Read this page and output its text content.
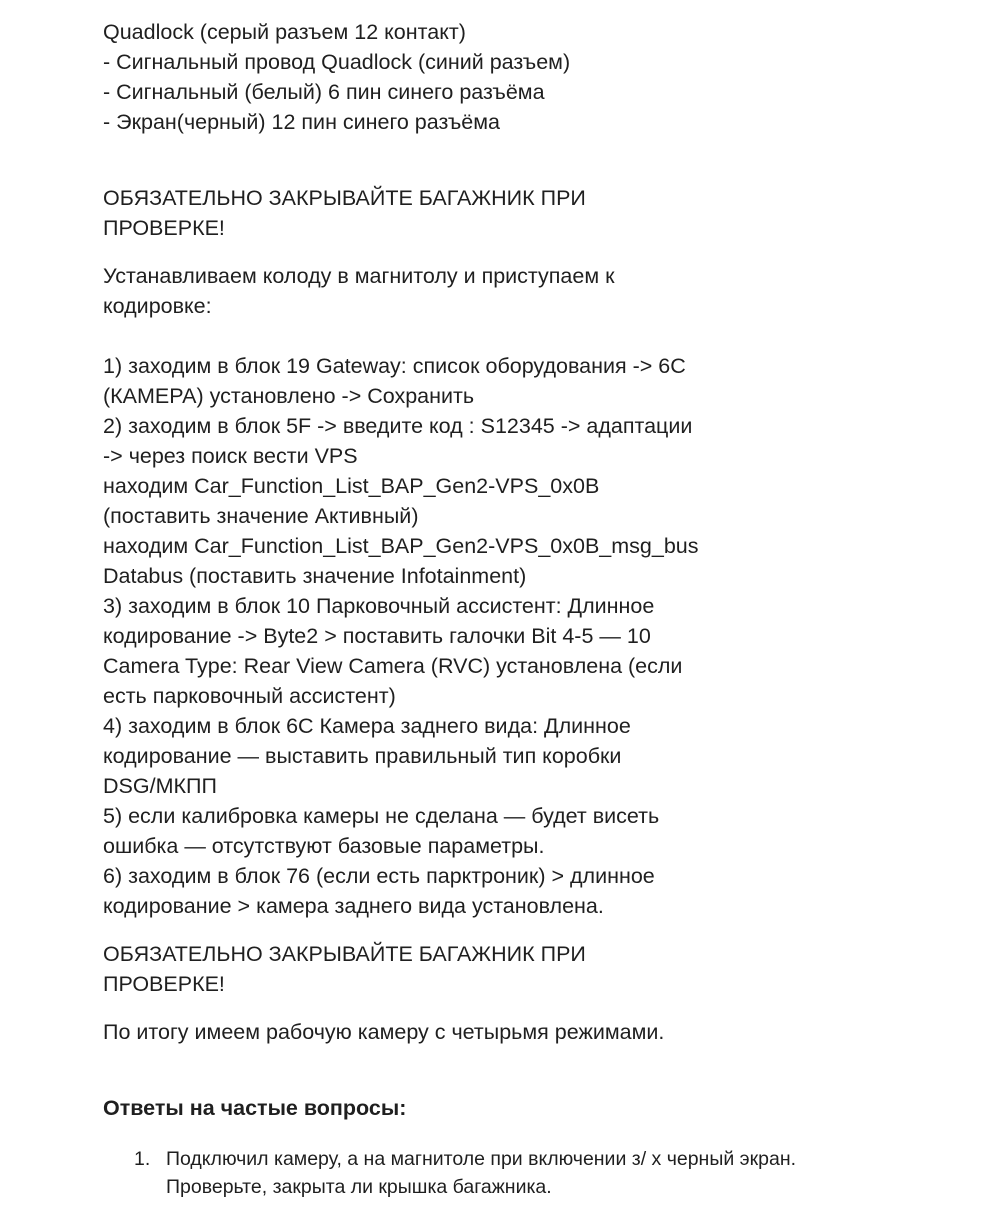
Quadlock (серый разъем 12 контакт)
- Сигнальный провод Quadlock (синий разъем)
- Сигнальный (белый) 6 пин синего разъёма
- Экран(черный) 12 пин синего разъёма
ОБЯЗАТЕЛЬНО ЗАКРЫВАЙТЕ БАГАЖНИК ПРИ
ПРОВЕРКЕ!
Устанавливаем колоду в магнитолу и приступаем к
кодировке:
1) заходим в блок 19 Gateway: список оборудования -> 6С
(КАМЕРА) установлено -> Сохранить
2) заходим в блок 5F -> введите код : S12345 -> адаптации
-> через поиск вести VPS
находим Car_Function_List_BAP_Gen2-VPS_0x0B
(поставить значение Активный)
находим Car_Function_List_BAP_Gen2-VPS_0x0B_msg_bus
Databus (поставить значение Infotainment)
3) заходим в блок 10 Парковочный ассистент: Длинное
кодирование -> Byte2 > поставить галочки Bit 4-5 — 10
Camera Type: Rear View Camera (RVC) установлена (если
есть парковочный ассистент)
4) заходим в блок 6С Камера заднего вида: Длинное
кодирование — выставить правильный тип коробки
DSG/МКПП
5) если калибровка камеры не сделана — будет висеть
ошибка — отсутствуют базовые параметры.
6) заходим в блок 76 (если есть парктроник) > длинное
кодирование > камера заднего вида установлена.
ОБЯЗАТЕЛЬНО ЗАКРЫВАЙТЕ БАГАЖНИК ПРИ
ПРОВЕРКЕ!
По итогу имеем рабочую камеру с четырьмя режимами.
Ответы на частые вопросы:
1. Подключил камеру, а на магнитоле при включении з/ х черный экран.
Проверьте, закрыта ли крышка багажника.
